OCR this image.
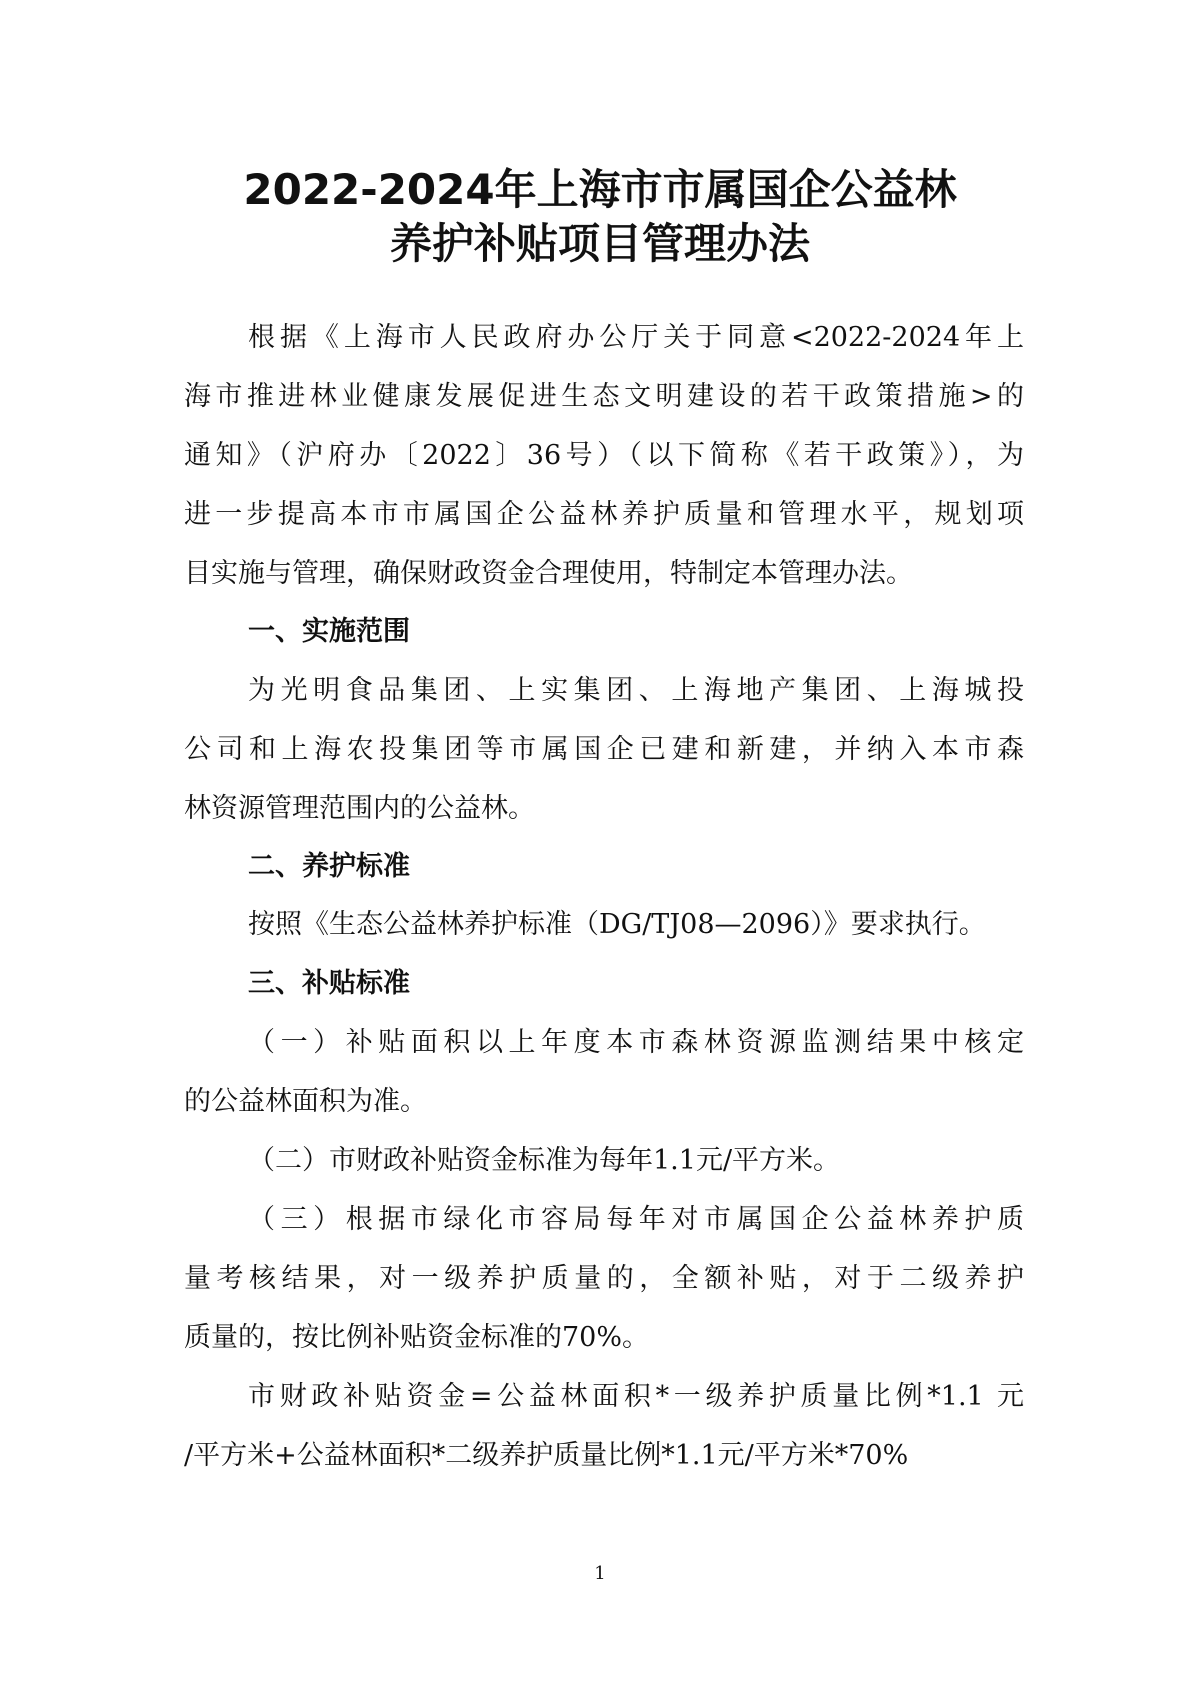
2022-2024年上海市市属国企公益林
养护补贴项目管理办法

根据《上海市人民政府办公厅关于同意<2022-2024年上

海市推进林业健康发展促进生态文明建设的若干政策措施>的

通知》（沪府办〔2022〕36号）（以下简称《若干政策》），为

进一步提高本市市属国企公益林养护质量和管理水平，规划项

目实施与管理，确保财政资金合理使用，特制定本管理办法。

一、实施范围

为光明食品集团、上实集团、上海地产集团、上海城投

公司和上海农投集团等市属国企已建和新建，并纳入本市森

林资源管理范围内的公益林。

二、养护标准

按照《生态公益林养护标准（DG/TJ08—2096）》要求执行。

三、补贴标准

（一）补贴面积以上年度本市森林资源监测结果中核定

的公益林面积为准。

（二）市财政补贴资金标准为每年1.1元/平方米。

（三）根据市绿化市容局每年对市属国企公益林养护质

量考核结果，对一级养护质量的，全额补贴，对于二级养护

质量的，按比例补贴资金标准的70%。

市财政补贴资金=公益林面积*一级养护质量比例*1.1 元

/平方米+公益林面积*二级养护质量比例*1.1元/平方米*70%

1
